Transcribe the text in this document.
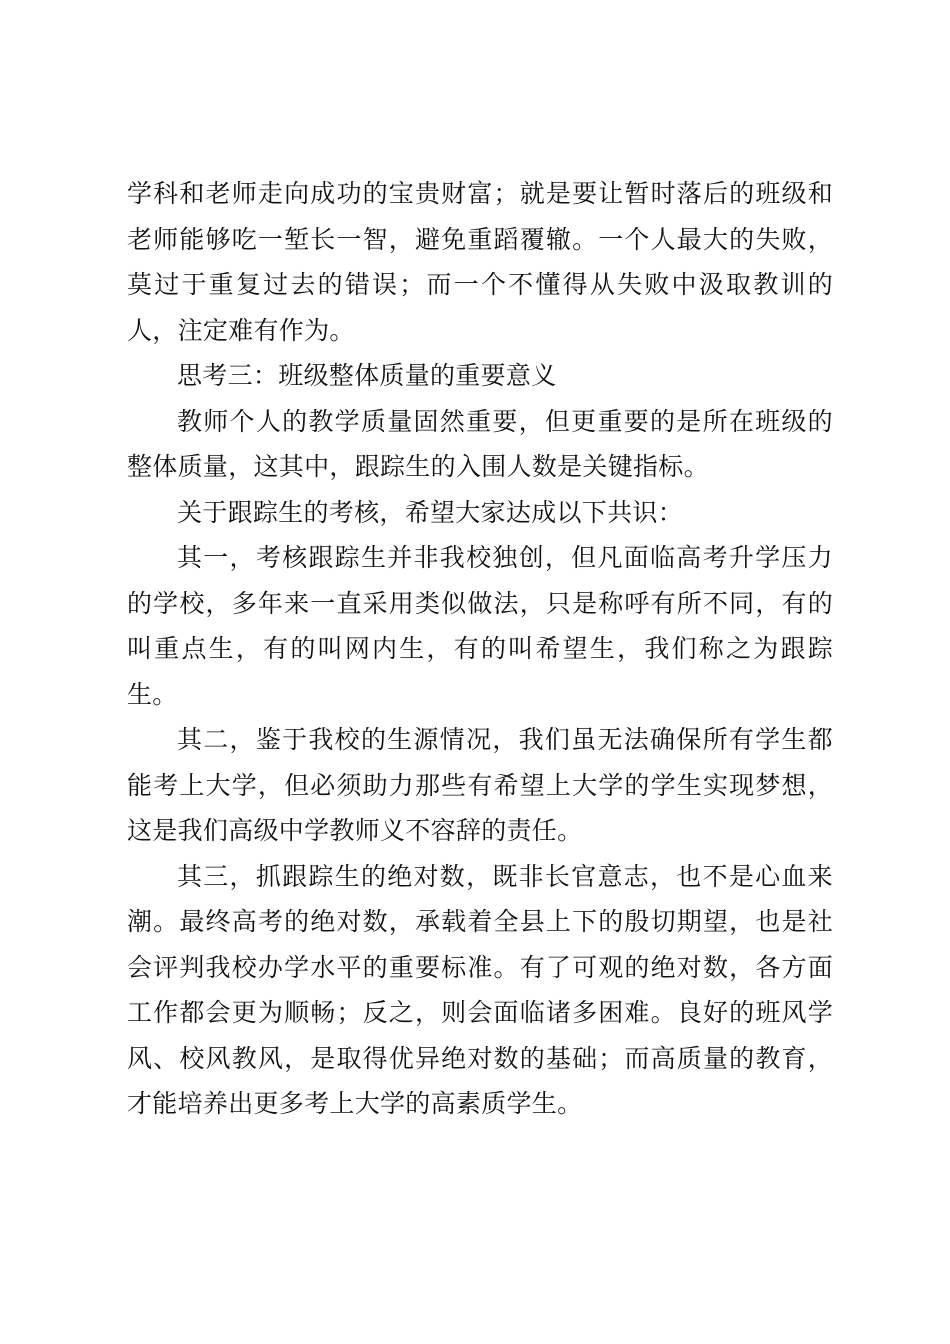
学科和老师走向成功的宝贵财富；就是要让暂时落后的班级和老师能够吃一堑长一智，避免重蹈覆辙。一个人最大的失败，莫过于重复过去的错误；而一个不懂得从失败中汲取教训的人，注定难有作为。

思考三：班级整体质量的重要意义

教师个人的教学质量固然重要，但更重要的是所在班级的整体质量，这其中，跟踪生的入围人数是关键指标。

关于跟踪生的考核，希望大家达成以下共识：

其一，考核跟踪生并非我校独创，但凡面临高考升学压力的学校，多年来一直采用类似做法，只是称呼有所不同，有的叫重点生，有的叫网内生，有的叫希望生，我们称之为跟踪生。

其二，鉴于我校的生源情况，我们虽无法确保所有学生都能考上大学，但必须助力那些有希望上大学的学生实现梦想，这是我们高级中学教师义不容辞的责任。

其三，抓跟踪生的绝对数，既非长官意志，也不是心血来潮。最终高考的绝对数，承载着全县上下的殷切期望，也是社会评判我校办学水平的重要标准。有了可观的绝对数，各方面工作都会更为顺畅；反之，则会面临诸多困难。良好的班风学风、校风教风，是取得优异绝对数的基础；而高质量的教育，才能培养出更多考上大学的高素质学生。
